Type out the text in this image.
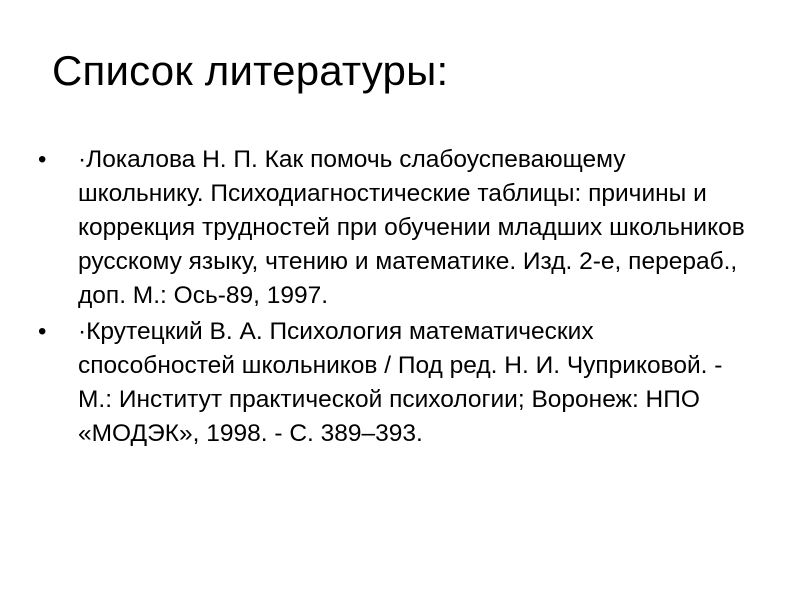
Список литературы:
•	·Локалова Н. П. Как помочь слабоуспевающему школьнику. Психодиагностические таблицы: причины и коррекция трудностей при обучении младших школьников русскому языку, чтению и математике. Изд. 2-е, перераб., доп. М.: Ось-89, 1997.
•	·Крутецкий В. А. Психология математических способностей школьников / Под ред. Н. И. Чуприковой. - М.: Институт практической психологии; Воронеж: НПО «МОДЭК», 1998. - С. 389–393.
